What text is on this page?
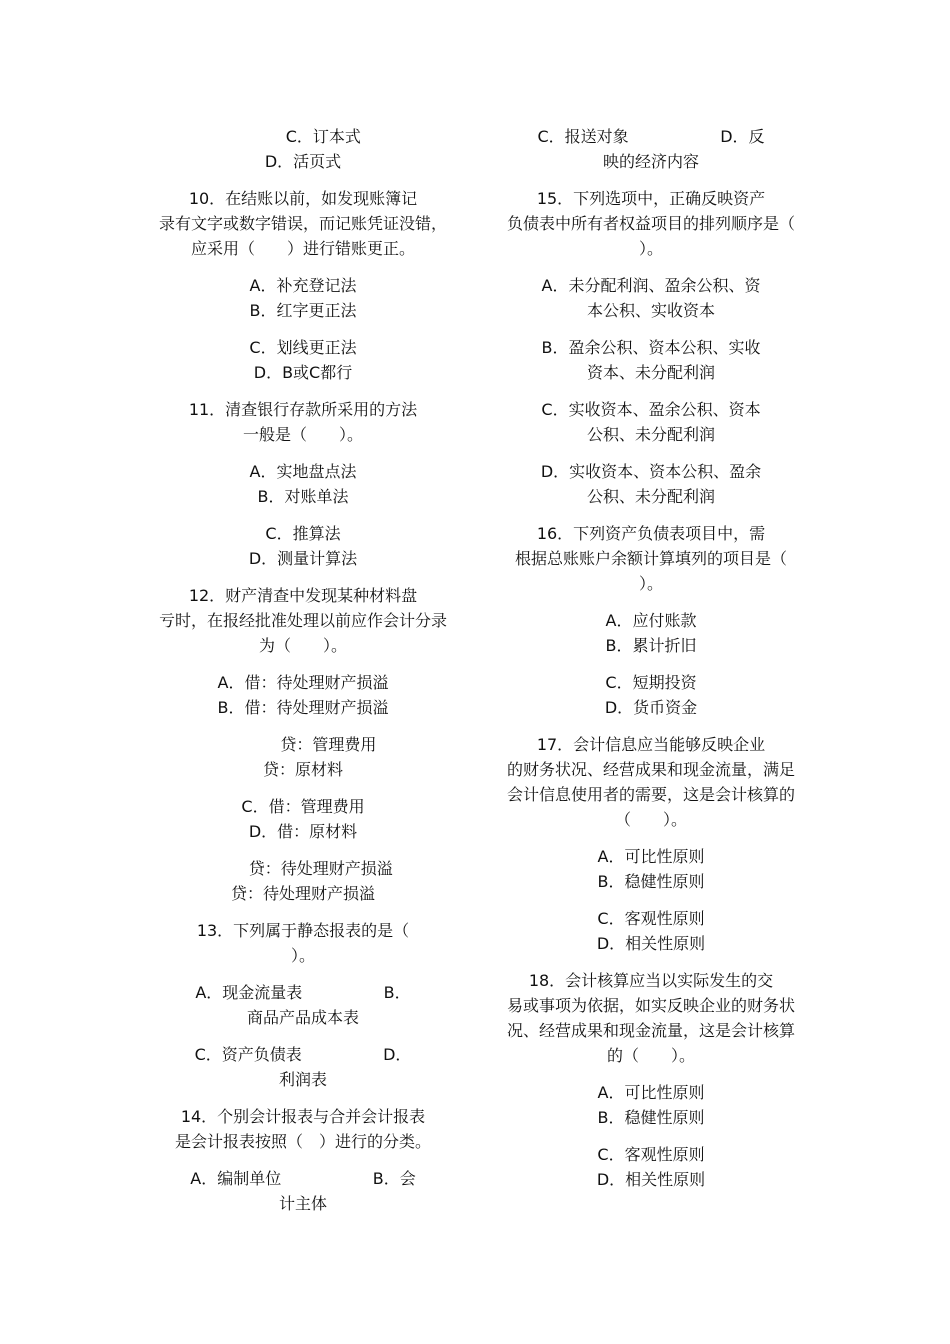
C．订本式
D．活页式
10．在结账以前，如发现账簿记
录有文字或数字错误，而记账凭证没错，
应采用（　　）进行错账更正。
A．补充登记法
B．红字更正法
C．划线更正法
D．B或C都行
11．清查银行存款所采用的方法
一般是（　　）。
A．实地盘点法
B．对账单法
C．推算法
D．测量计算法
12．财产清查中发现某种材料盘
亏时，在报经批准处理以前应作会计分录
为（　　）。
A．借：待处理财产损溢
B．借：待处理财产损溢
贷：管理费用
贷：原材料
C．借：管理费用
D．借：原材料
贷：待处理财产损溢
贷：待处理财产损溢
13．下列属于静态报表的是（
）。
A．现金流量表                B．
商品产品成本表
C．资产负债表                D．
利润表
14．个别会计报表与合并会计报表
是会计报表按照（　）进行的分类。
A．编制单位                  B．会
计主体
C．报送对象                  D．反
映的经济内容
15．下列选项中，正确反映资产
负债表中所有者权益项目的排列顺序是（
）。
A．未分配利润、盈余公积、资
本公积、实收资本
B．盈余公积、资本公积、实收
资本、未分配利润
C．实收资本、盈余公积、资本
公积、未分配利润
D．实收资本、资本公积、盈余
公积、未分配利润
16．下列资产负债表项目中，需
根据总账账户余额计算填列的项目是（
）。
A．应付账款
B．累计折旧
C．短期投资
D．货币资金
17．会计信息应当能够反映企业
的财务状况、经营成果和现金流量，满足
会计信息使用者的需要，这是会计核算的
（　　）。
A．可比性原则
B．稳健性原则
C．客观性原则
D．相关性原则
18．会计核算应当以实际发生的交
易或事项为依据，如实反映企业的财务状
况、经营成果和现金流量，这是会计核算
的（　　）。
A．可比性原则
B．稳健性原则
C．客观性原则
D．相关性原则
